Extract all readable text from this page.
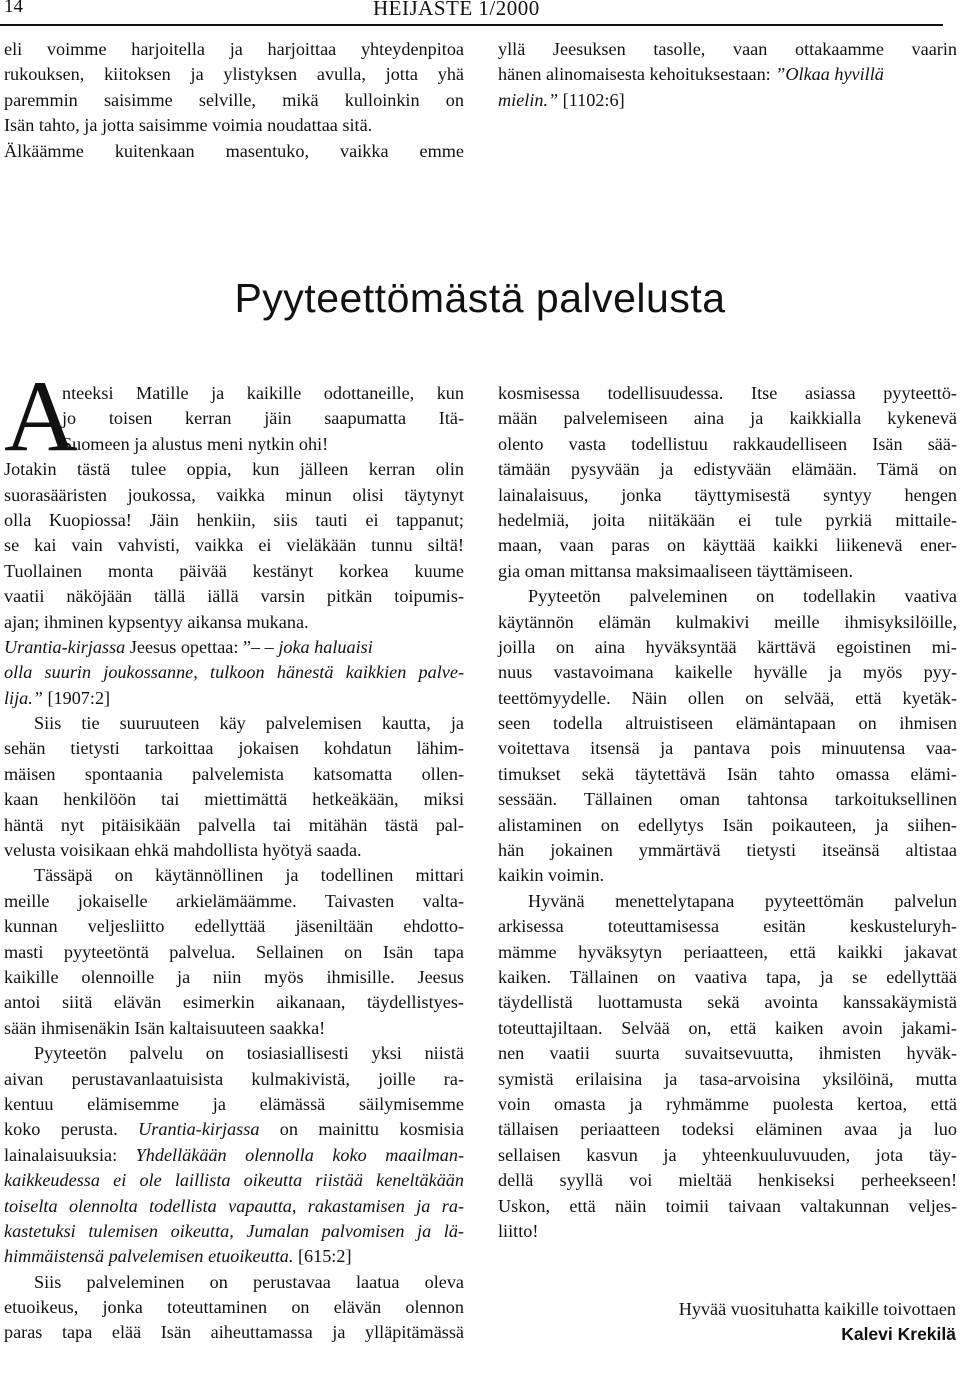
14	HEIJASTE 1/2000
eli voimme harjoitella ja harjoittaa yhteydenpitoa
rukouksen, kiitoksen ja ylistyksen avulla, jotta yhä
paremmin saisimme selville, mikä kulloinkin on
Isän tahto, ja jotta saisimme voimia noudattaa sitä.
Älkäämme kuitenkaan masentuko, vaikka emme
yllä Jeesuksen tasolle, vaan ottakaamme vaarin
hänen alinomaisesta kehoituksestaan: ”Olkaa hyvillä
mielin.” [1102:6]
Pyyteettömästä palvelusta
A
nteeksi Matille ja kaikille odottaneille, kun
jo toisen kerran jäin saapumatta Itä-
Suomeen ja alustus meni nytkin ohi!
Jotakin tästä tulee oppia, kun jälleen kerran olin
suorasääristen joukossa, vaikka minun olisi täytynyt
olla Kuopiossa! Jäin henkiin, siis tauti ei tappanut;
se kai vain vahvisti, vaikka ei vieläkään tunnu siltä!
Tuollainen monta päivää kestänyt korkea kuume
vaatii näköjään tällä iällä varsin pitkän toipumis-
ajan; ihminen kypsentyy aikansa mukana.
Urantia-kirjassa Jeesus opettaa: ”– – joka haluaisi
olla suurin joukossanne, tulkoon hänestä kaikkien palve-
lija.” [1907:2]
Siis tie suuruuteen käy palvelemisen kautta, ja
sehän tietysti tarkoittaa jokaisen kohdatun lähim-
mäisen spontaania palvelemista katsomatta ollen-
kaan henkilöön tai miettimättä hetkeäkään, miksi
häntä nyt pitäisikään palvella tai mitähän tästä pal-
velusta voisikaan ehkä mahdollista hyötyä saada.
Tässäpä on käytännöllinen ja todellinen mittari
meille jokaiselle arkielämäämme. Taivasten valta-
kunnan veljesliitto edellyttää jäseniltään ehdotto-
masti pyyteetöntä palvelua. Sellainen on Isän tapa
kaikille olennoille ja niin myös ihmisille. Jeesus
antoi siitä elävän esimerkin aikanaan, täydellistyes-
sään ihmisenäkin Isän kaltaisuuteen saakka!
Pyyteetön palvelu on tosiasiallisesti yksi niistä
aivan perustavanlaatuisista kulmakivistä, joille ra-
kentuu elämisemme ja elämässä säilymisemme
koko perusta. Urantia-kirjassa on mainittu kosmisia
lainalaisuuksia: Yhdelläkään olennolla koko maailman-
kaikkeudessa ei ole laillista oikeutta riistää keneltäkään
toiselta olennolta todellista vapautta, rakastamisen ja ra-
kastetuksi tulemisen oikeutta, Jumalan palvomisen ja lä-
himmäistensä palvelemisen etuoikeutta. [615:2]
Siis palveleminen on perustavaa laatua oleva
etuoikeus, jonka toteuttaminen on elävän olennon
paras tapa elää Isän aiheuttamassa ja ylläpitämässä
kosmisessa todellisuudessa. Itse asiassa pyyteettö-
mään palvelemiseen aina ja kaikkialla kykenevä
olento vasta todellistuu rakkaudelliseen Isän sää-
tämään pysyvään ja edistyvään elämään. Tämä on
lainalaisuus, jonka täyttymisestä syntyy hengen
hedelmiä, joita niitäkään ei tule pyrkiä mittaile-
maan, vaan paras on käyttää kaikki liikenevä ener-
gia oman mittansa maksimaaliseen täyttämiseen.
Pyyteetön palveleminen on todellakin vaativa
käytännön elämän kulmakivi meille ihmisyksilöille,
joilla on aina hyväksyntää kärttävä egoistinen mi-
nuus vastavoimana kaikelle hyvälle ja myös pyy-
teettömyydelle. Näin ollen on selvää, että kyetäk-
seen todella altruistiseen elämäntapaan on ihmisen
voitettava itsensä ja pantava pois minuutensa vaa-
timukset sekä täytettävä Isän tahto omassa elämi-
sessään. Tällainen oman tahtonsa tarkoituksellinen
alistaminen on edellytys Isän poikauteen, ja siihen-
hän jokainen ymmärtävä tietysti itseänsä altistaa
kaikin voimin.
Hyvänä menettelytapana pyyteettömän palvelun
arkisessa toteuttamisessa esitän keskusteluryh-
mämme hyväksytyn periaatteen, että kaikki jakavat
kaiken. Tällainen on vaativa tapa, ja se edellyttää
täydellistä luottamusta sekä avointa kanssakäymistä
toteuttajiltaan. Selvää on, että kaiken avoin jakami-
nen vaatii suurta suvaitsevuutta, ihmisten hyväk-
symistä erilaisina ja tasa-arvoisina yksilöinä, mutta
voin omasta ja ryhmämme puolesta kertoa, että
tällaisen periaatteen todeksi eläminen avaa ja luo
sellaisen kasvun ja yhteenkuuluvuuden, jota täy-
dellä syyllä voi mieltää henkiseksi perheekseen!
Uskon, että näin toimii taivaan valtakunnan veljes-
liitto!
Hyvää vuosituhatta kaikille toivottaen
Kalevi Krekilä
